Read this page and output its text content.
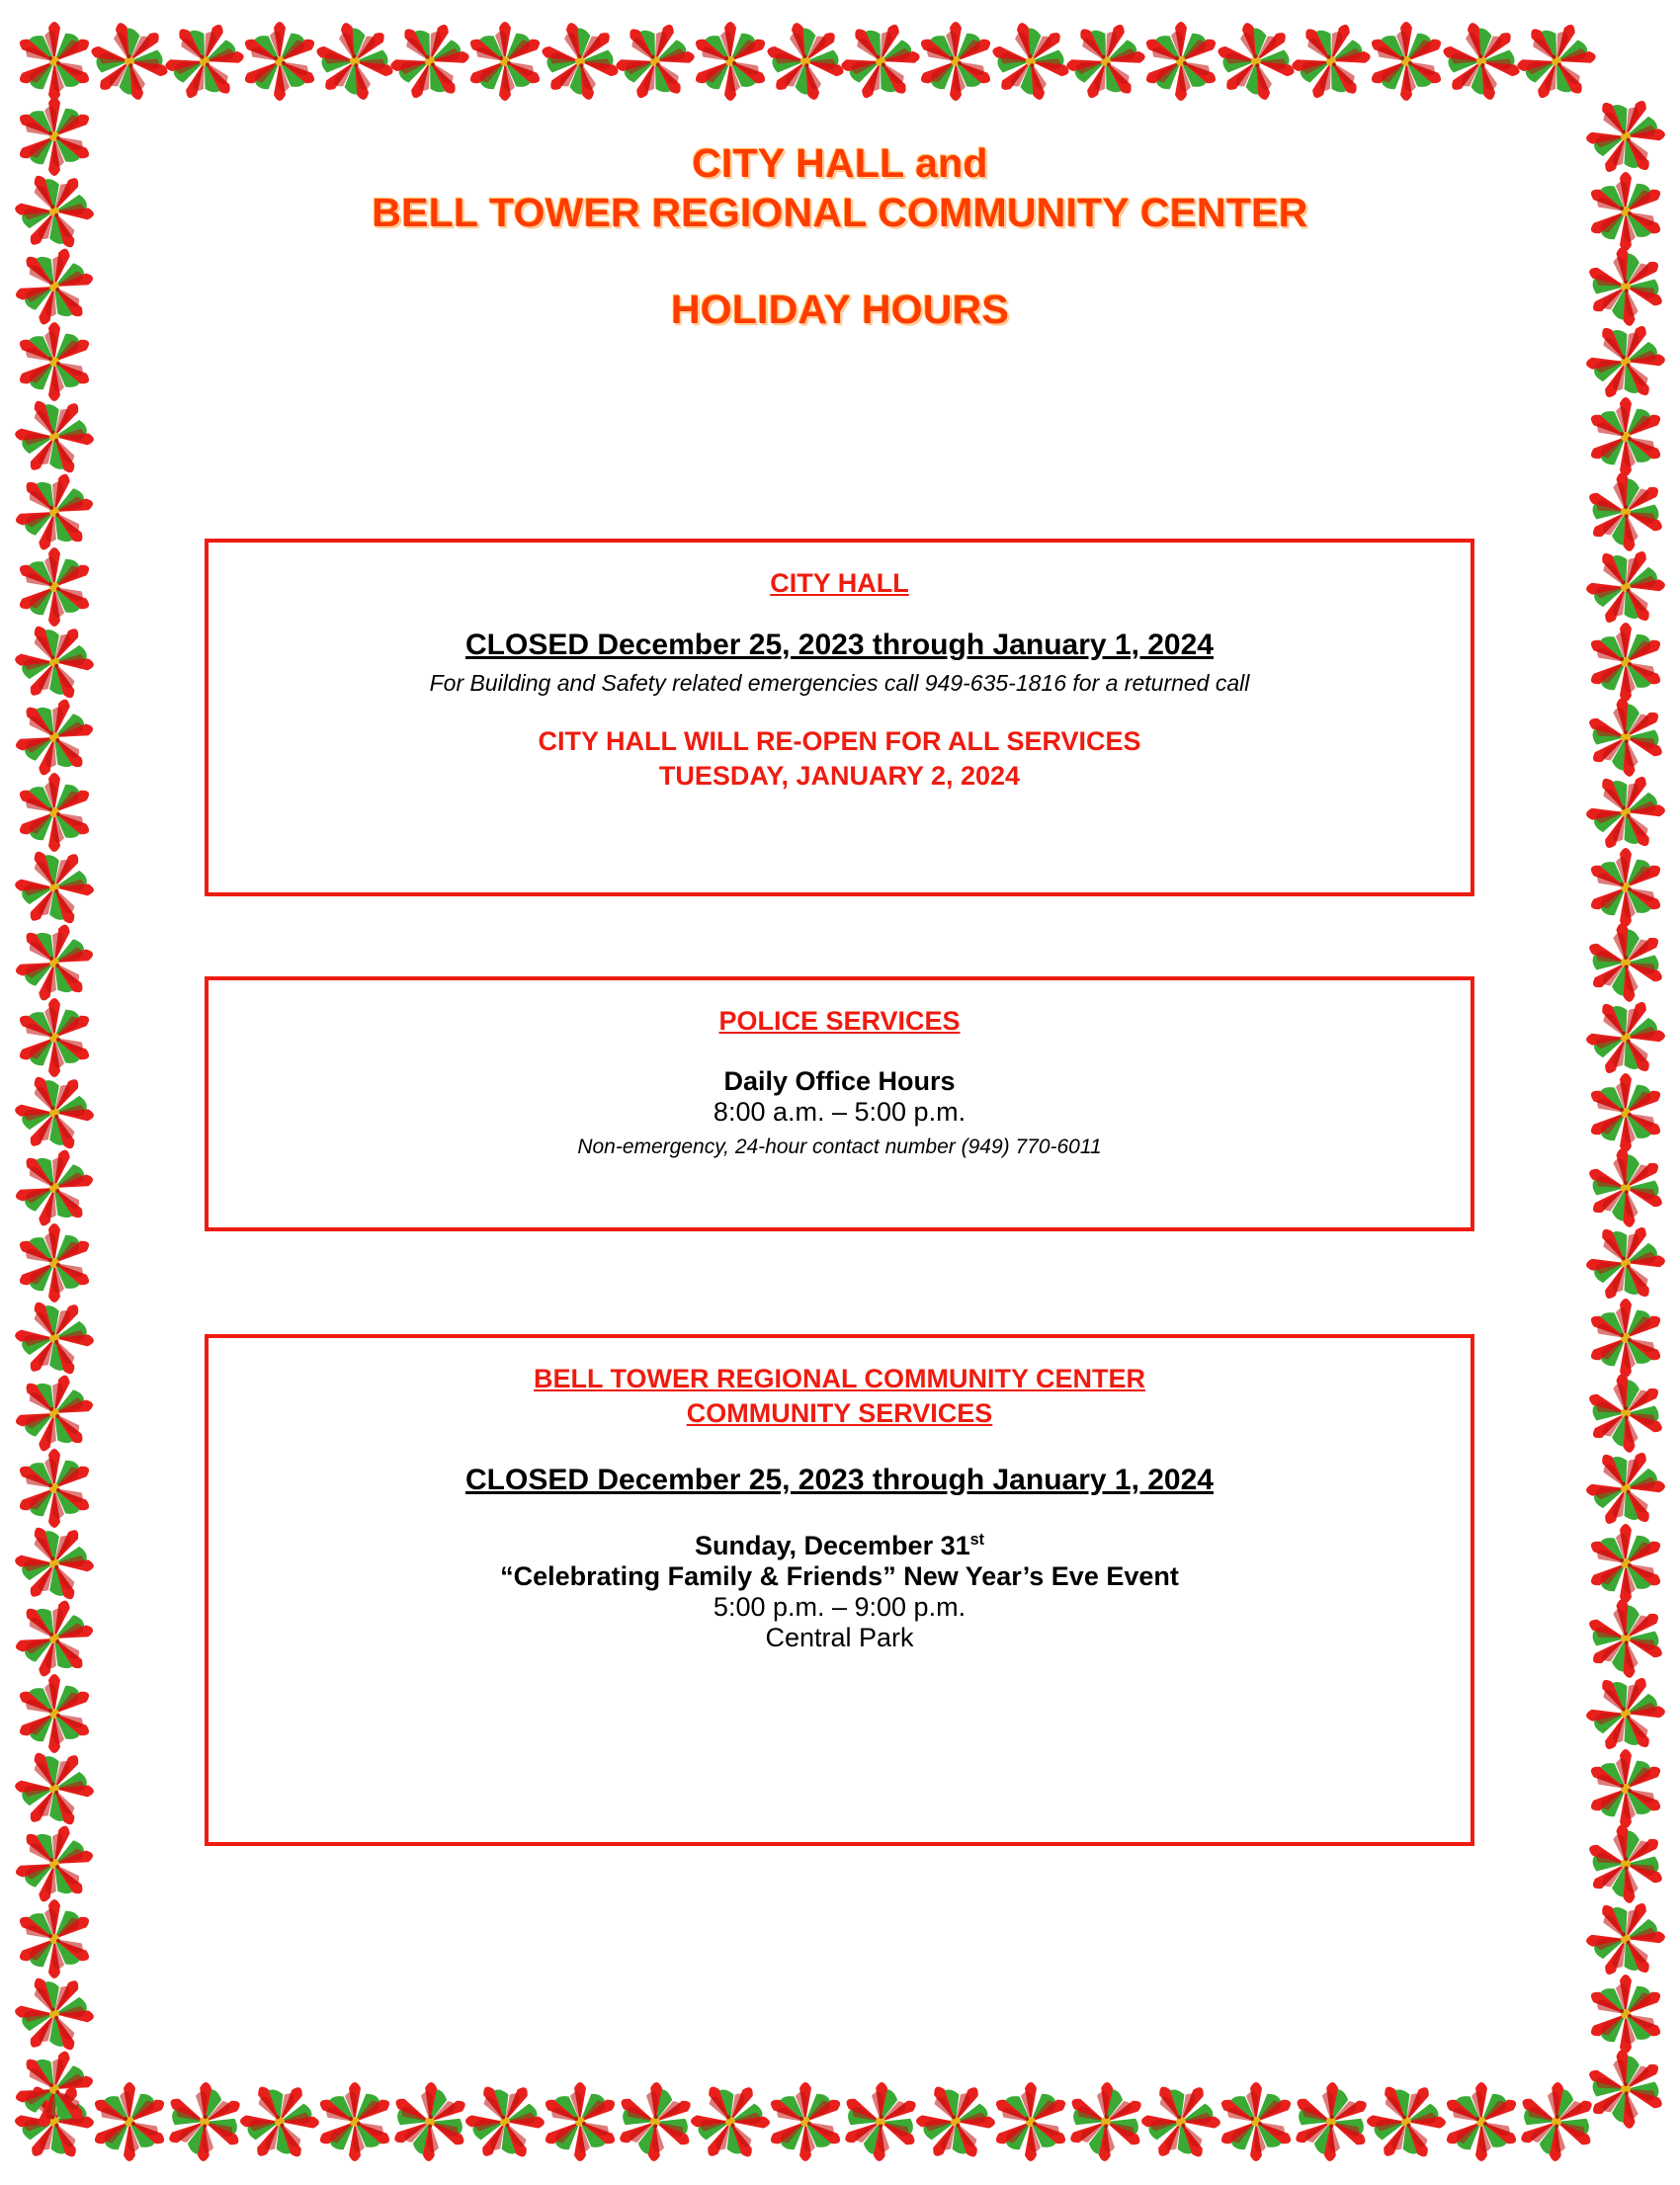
CITY HALL and
BELL TOWER REGIONAL COMMUNITY CENTER
HOLIDAY HOURS
CITY HALL
CLOSED December 25, 2023 through January 1, 2024
For Building and Safety related emergencies call 949-635-1816 for a returned call
CITY HALL WILL RE-OPEN FOR ALL SERVICES
TUESDAY, JANUARY 2, 2024
POLICE SERVICES
Daily Office Hours
8:00 a.m. – 5:00 p.m.
Non-emergency, 24-hour contact number (949) 770-6011
BELL TOWER REGIONAL COMMUNITY CENTER
COMMUNITY SERVICES
CLOSED December 25, 2023 through January 1, 2024
Sunday, December 31st
“Celebrating Family & Friends” New Year’s Eve Event
5:00 p.m. – 9:00 p.m.
Central Park
